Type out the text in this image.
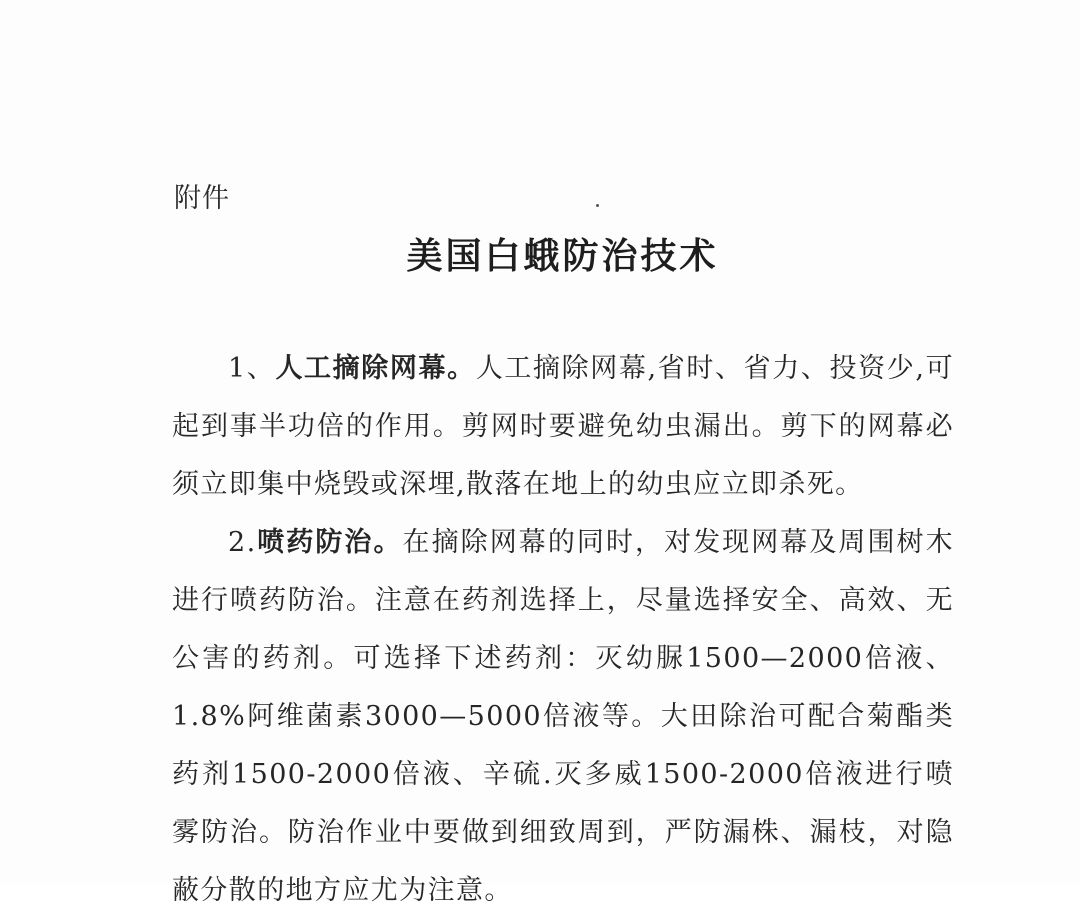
附件
美国白蛾防治技术

1、人工摘除网幕。人工摘除网幕,省时、省力、投资少,可起到事半功倍的作用。剪网时要避免幼虫漏出。剪下的网幕必须立即集中烧毁或深埋,散落在地上的幼虫应立即杀死。

2.喷药防治。在摘除网幕的同时，对发现网幕及周围树木进行喷药防治。注意在药剂选择上，尽量选择安全、高效、无公害的药剂。可选择下述药剂：灭幼脲1500—2000倍液、1.8%阿维菌素3000—5000倍液等。大田除治可配合菊酯类药剂1500-2000倍液、辛硫.灭多威1500-2000倍液进行喷雾防治。防治作业中要做到细致周到，严防漏株、漏枝，对隐蔽分散的地方应尤为注意。
